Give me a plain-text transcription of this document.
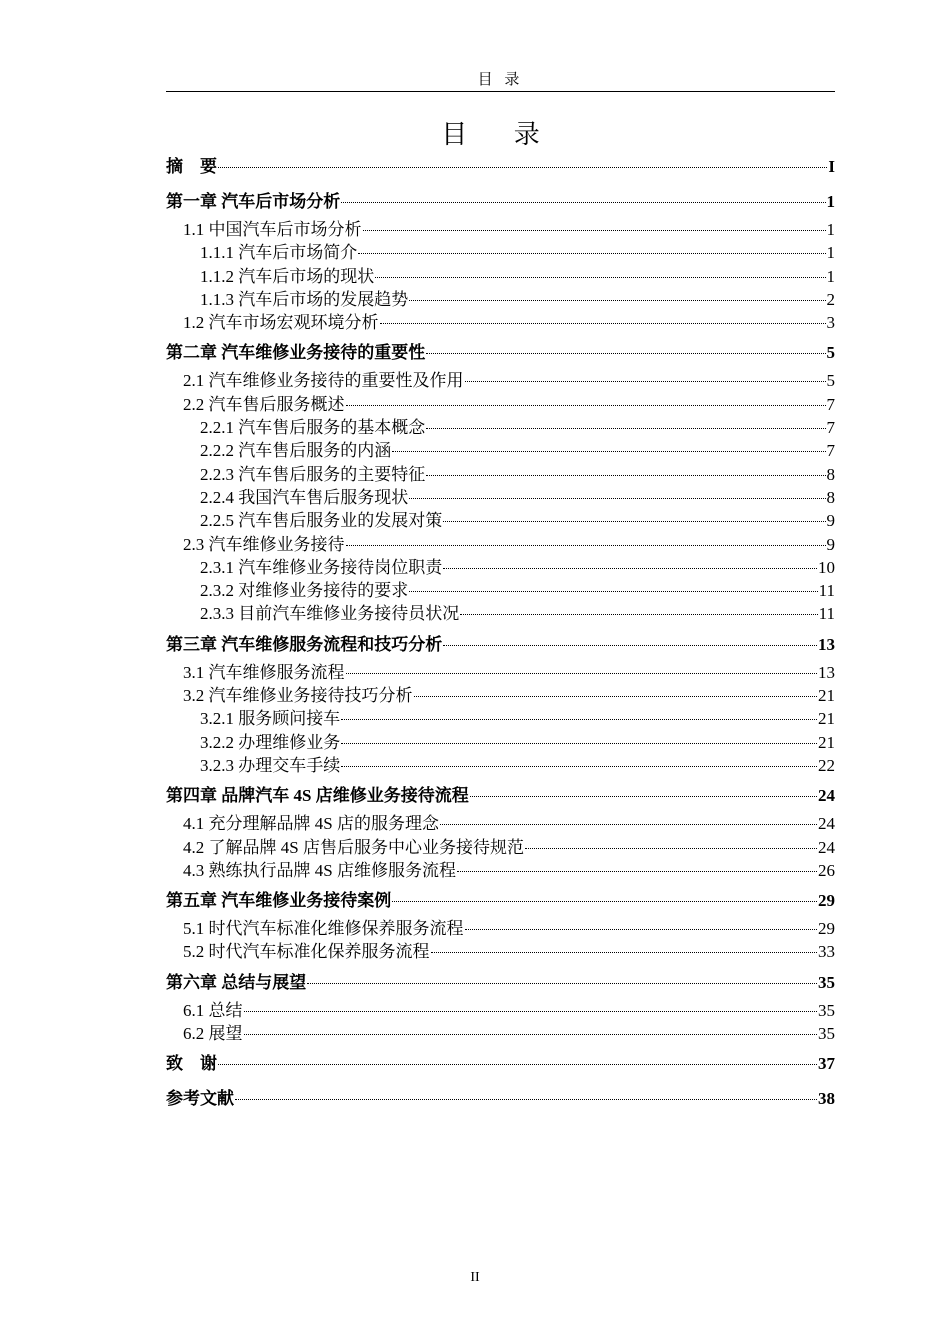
目 录
目 录
摘　要	I
第一章 汽车后市场分析	1
1.1 中国汽车后市场分析	1
1.1.1 汽车后市场简介	1
1.1.2 汽车后市场的现状	1
1.1.3 汽车后市场的发展趋势	2
1.2 汽车市场宏观环境分析	3
第二章 汽车维修业务接待的重要性	5
2.1 汽车维修业务接待的重要性及作用	5
2.2 汽车售后服务概述	7
2.2.1 汽车售后服务的基本概念	7
2.2.2 汽车售后服务的内涵	7
2.2.3 汽车售后服务的主要特征	8
2.2.4 我国汽车售后服务现状	8
2.2.5 汽车售后服务业的发展对策	9
2.3 汽车维修业务接待	9
2.3.1 汽车维修业务接待岗位职责	10
2.3.2 对维修业务接待的要求	11
2.3.3 目前汽车维修业务接待员状况	11
第三章 汽车维修服务流程和技巧分析	13
3.1 汽车维修服务流程	13
3.2 汽车维修业务接待技巧分析	21
3.2.1 服务顾问接车	21
3.2.2 办理维修业务	21
3.2.3 办理交车手续	22
第四章 品牌汽车 4S 店维修业务接待流程	24
4.1 充分理解品牌 4S 店的服务理念	24
4.2 了解品牌 4S 店售后服务中心业务接待规范	24
4.3 熟练执行品牌 4S 店维修服务流程	26
第五章 汽车维修业务接待案例	29
5.1 时代汽车标准化维修保养服务流程	29
5.2 时代汽车标准化保养服务流程	33
第六章 总结与展望	35
6.1 总结	35
6.2 展望	35
致　谢	37
参考文献	38
II
